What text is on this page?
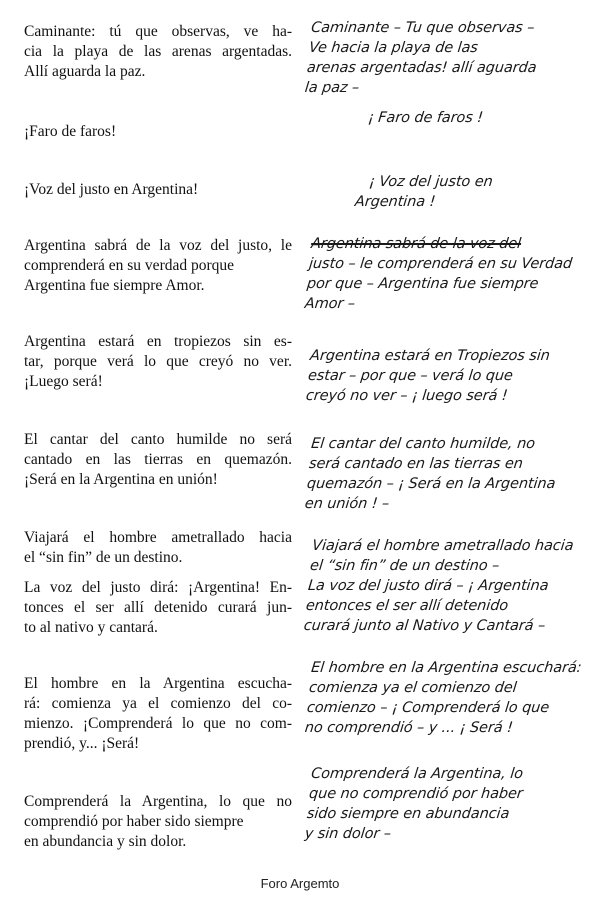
Caminante: tú que observas, ve ha-
cia la playa de las arenas argentadas.
Allí aguarda la paz.
¡Faro de faros!
¡Voz del justo en Argentina!
Argentina sabrá de la voz del justo, le
comprenderá en su verdad porque
Argentina fue siempre Amor.
Argentina estará en tropiezos sin es-
tar, porque verá lo que creyó no ver.
¡Luego será!
El cantar del canto humilde no será
cantado en las tierras en quemazón.
¡Será en la Argentina en unión!
Viajará el hombre ametrallado hacia
el “sin fin” de un destino.
La voz del justo dirá: ¡Argentina! En-
tonces el ser allí detenido curará jun-
to al nativo y cantará.
El hombre en la Argentina escucha-
rá: comienza ya el comienzo del co-
mienzo. ¡Comprenderá lo que no com-
prendió, y... ¡Será!
Comprenderá la Argentina, lo que no
comprendió por haber sido siempre
en abundancia y sin dolor.
Caminante – Tu que observas –
Ve hacia la playa de las
arenas argentadas! allí aguarda
la paz –
¡ Faro de faros !
¡ Voz del justo en
Argentina !
Argentina sabrá de la voz del
justo – le comprenderá en su Verdad
por que – Argentina fue siempre
Amor –
Argentina estará en Tropiezos sin
estar – por que – verá lo que
creyó no ver – ¡ luego será !
El cantar del canto humilde, no
será cantado en las tierras en
quemazón – ¡ Será en la Argentina
en unión ! –
Viajará el hombre ametrallado hacia
el “sin fin” de un destino –
La voz del justo dirá – ¡ Argentina
entonces el ser allí detenido
curará junto al Nativo y Cantará –
El hombre en la Argentina escuchará:
comienza ya el comienzo del
comienzo – ¡ Comprenderá lo que
no comprendió – y ... ¡ Será !
Comprenderá la Argentina, lo
que no comprendió por haber
sido siempre en abundancia
y sin dolor –
Foro Argemto
